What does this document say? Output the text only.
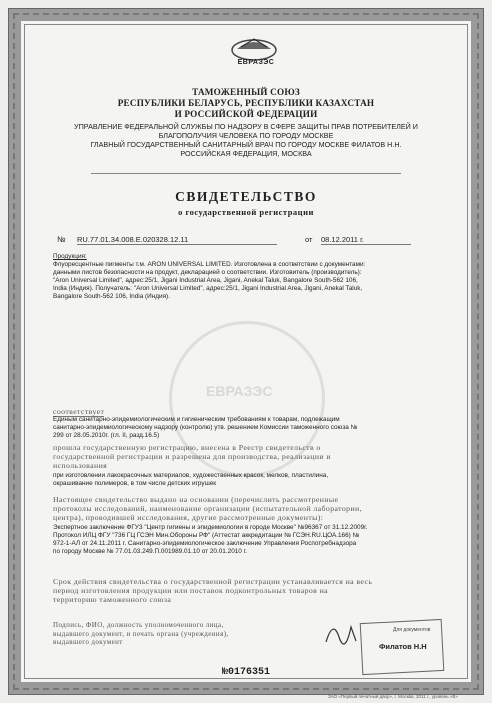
ЕВРАЗЭС
ТАМОЖЕННЫЙ СОЮЗ
РЕСПУБЛИКИ БЕЛАРУСЬ, РЕСПУБЛИКИ КАЗАХСТАН
И РОССИЙСКОЙ ФЕДЕРАЦИИ
УПРАВЛЕНИЕ ФЕДЕРАЛЬНОЙ СЛУЖБЫ ПО НАДЗОРУ В СФЕРЕ ЗАЩИТЫ ПРАВ ПОТРЕБИТЕЛЕЙ И
БЛАГОПОЛУЧИЯ ЧЕЛОВЕКА ПО ГОРОДУ МОСКВЕ
ГЛАВНЫЙ ГОСУДАРСТВЕННЫЙ САНИТАРНЫЙ ВРАЧ ПО ГОРОДУ МОСКВЕ ФИЛАТОВ Н.Н.
РОССИЙСКАЯ ФЕДЕРАЦИЯ, МОСКВА
СВИДЕТЕЛЬСТВО
о государственной регистрации
№ RU.77.01.34.008.Е.020328.12.11	от 08.12.2011 г.
Продукция:
Флуоресцентные пигменты т.м. ARON UNIVERSAL LIMITED. Изготовлена в соответствии с документами:
данными листов безопасности на продукт, декларацией о соответствии. Изготовитель (производитель):
"Aron Universal Limited", адрес:25/1, Jigani Industrial Area, Jigani, Anekal Taluk, Bangalore South-562 106,
India (Индия). Получатель: "Aron Universal Limited", адрес:25/1, Jigani Industrial Area, Jigani, Anekal Taluk,
Bangalore South-562 106, India (Индия).
ЕВРАЗЭС
соответствует
Единым санитарно-эпидемиологическим и гигиеническим требованиям к товарам, подлежащим
санитарно-эпидемиологическому надзору (контролю) утв. решением Комиссии таможенного союза №
299 от 28.05.2010г. (гл. II, разд.16.5)
прошла государственную регистрацию, внесена в Реестр свидетельств о
государственной регистрации и разрешена для производства, реализации и
использования
при изготовлении лакокрасочных материалов, художественных красок, мелков, пластилина,
окрашивание полимеров, в том числе детских игрушек
Настоящее свидетельство выдано на основании (перечислить рассмотренные
протоколы исследований, наименование организации (испытательной лаборатории,
центра), проводившей исследования, другие рассмотренные документы):
Экспертное заключение ФГУЗ "Центр гигиены и эпидемиологии в городе Москве" №96367 от 31.12.2009г.
Протокол ИЛЦ ФГУ "736 ГЦ ГСЭН Мин.Обороны РФ" (Аттестат аккредитации № ГСЭН.RU.ЦОА.166) №
972-1-АЛ от 24.11.2011 г. Санитарно-эпидемиологическое заключение Управления Роспотребнадзора
по городу Москве № 77.01.03.249.П.001989.01.10 от 20.01.2010 г.
Срок действия свидетельства о государственной регистрации устанавливается на весь
период изготовления продукции или поставок подконтрольных товаров на
территорию таможенного союза
Подпись, ФИО, должность уполномоченного лица,
выдавшего документ, и печать органа (учреждения),
выдавшего документ
Для документов
Филатов Н.Н
№0176351
ЗАО «Первый печатный двор», г. Москва, 2011 г., уровень «В»
